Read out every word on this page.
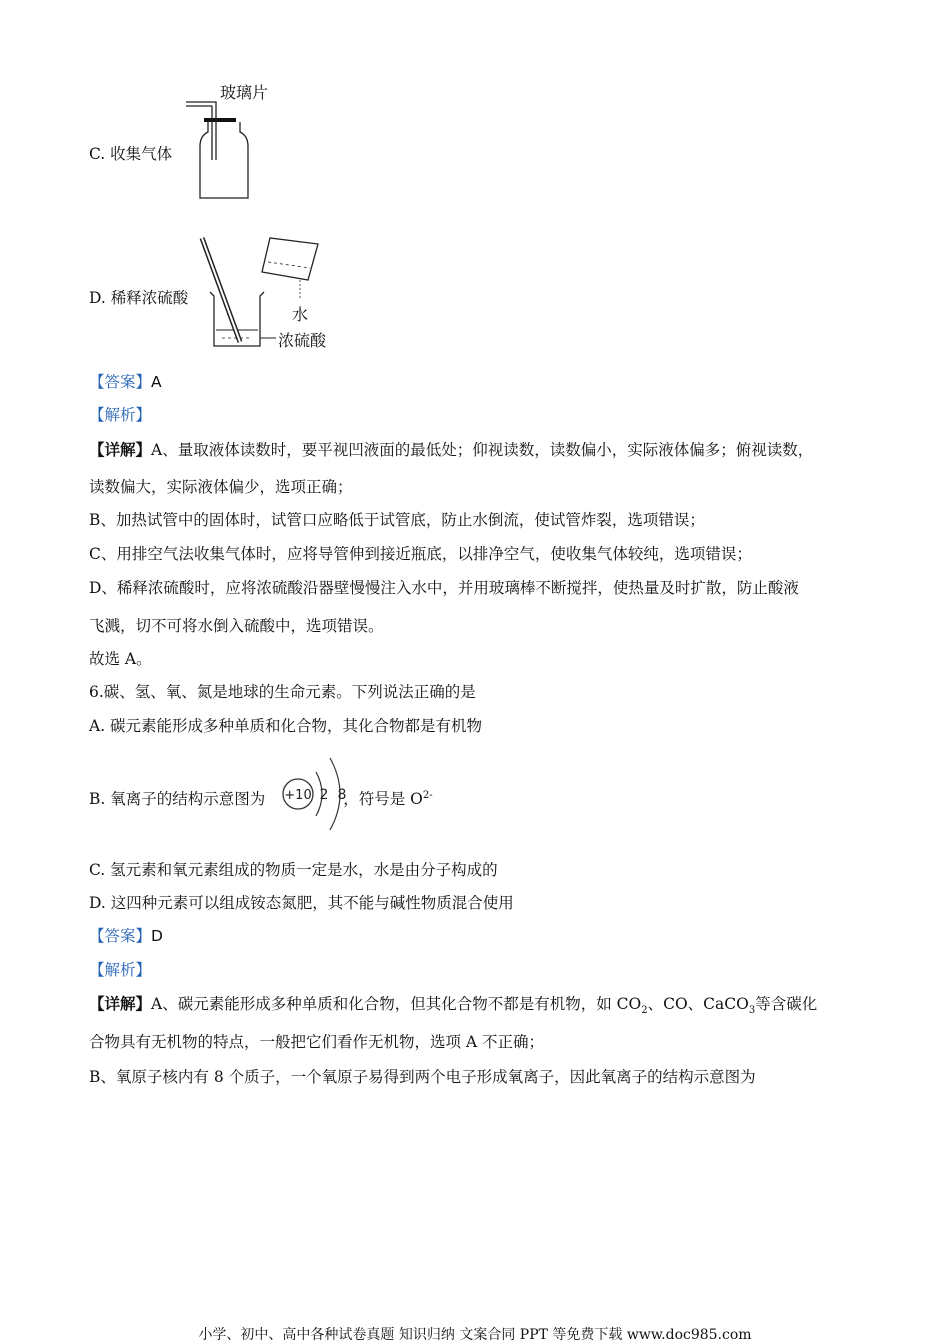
C. 收集气体
玻璃片
D. 稀释浓硫酸
水
浓硫酸
【答案】A
【解析】
【详解】A、量取液体读数时，要平视凹液面的最低处；仰视读数，读数偏小，实际液体偏多；俯视读数，
读数偏大，实际液体偏少，选项正确；
B、加热试管中的固体时，试管口应略低于试管底，防止水倒流，使试管炸裂，选项错误；
C、用排空气法收集气体时，应将导管伸到接近瓶底，以排净空气，使收集气体较纯，选项错误；
D、稀释浓硫酸时，应将浓硫酸沿器壁慢慢注入水中，并用玻璃棒不断搅拌，使热量及时扩散，防止酸液
飞溅，切不可将水倒入硫酸中，选项错误。
故选 A。
6.碳、氢、氧、氮是地球的生命元素。下列说法正确的是
A. 碳元素能形成多种单质和化合物，其化合物都是有机物
B. 氧离子的结构示意图为	，符号是 $O^{2-}$
+10 2 8
C. 氢元素和氧元素组成的物质一定是水，水是由分子构成的
D. 这四种元素可以组成铵态氮肥，其不能与碱性物质混合使用
【答案】D
【解析】
【详解】A、碳元素能形成多种单质和化合物，但其化合物不都是有机物，如 $CO_2$、CO、CaCO$_3$等含碳化
合物具有无机物的特点，一般把它们看作无机物，选项 A 不正确；
B、氧原子核内有 8 个质子，一个氧原子易得到两个电子形成氧离子，因此氧离子的结构示意图为
小学、初中、高中各种试卷真题 知识归纳 文案合同 PPT 等免费下载 www.doc985.com
